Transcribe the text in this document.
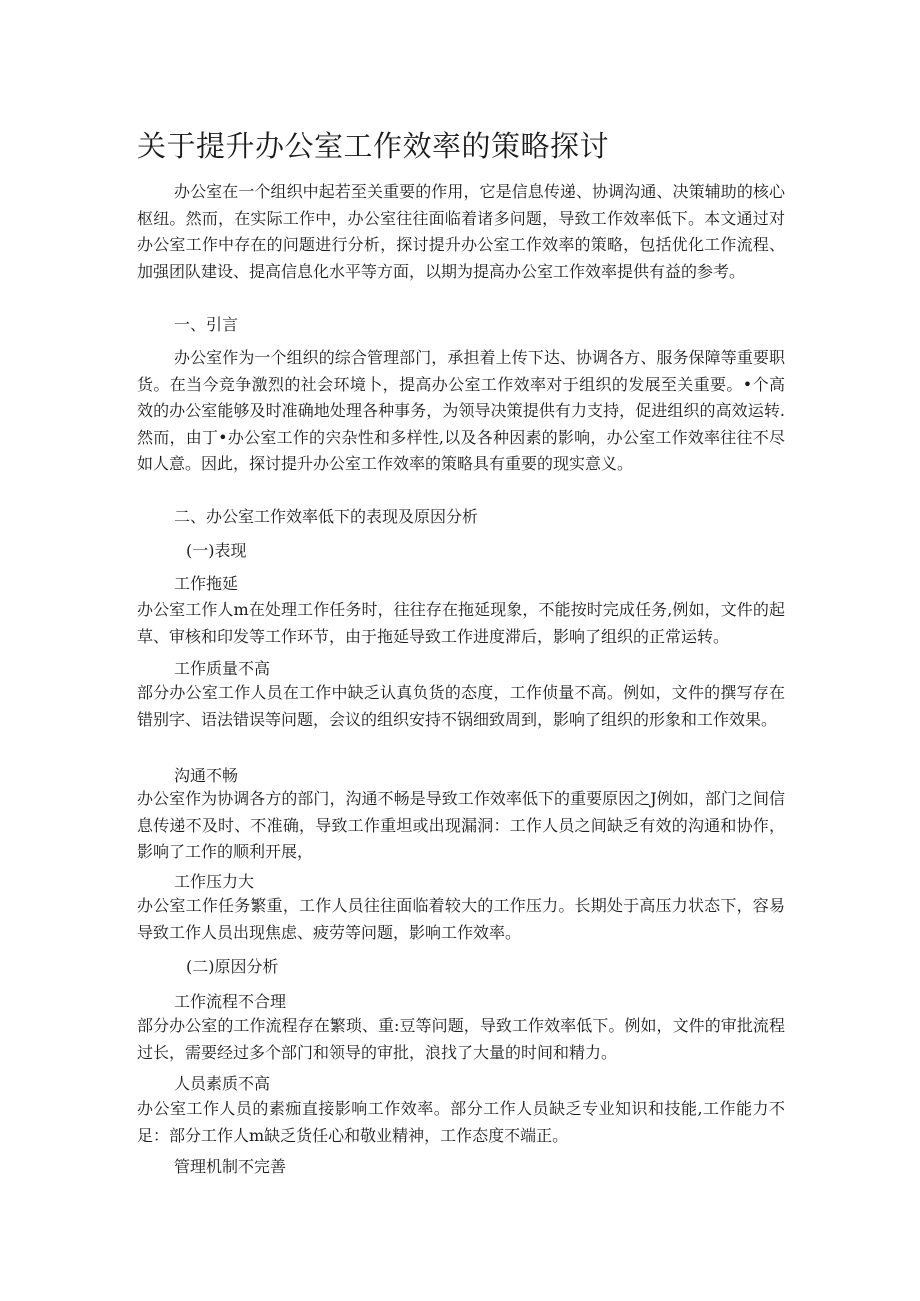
关于提升办公室工作效率的策略探讨

办公室在一个组织中起若至关重要的作用，它是信息传递、协调沟通、决策辅助的核心枢纽。然而，在实际工作中，办公室往往面临着诸多问题，导致工作效率低下。本文通过对办公室工作中存在的问题进行分析，探讨提升办公室工作效率的策略，包括优化工作流程、加强团队建设、提高信息化水平等方面，以期为提高办公室工作效率提供有益的参考。

一、引言

办公室作为一个组织的综合管理部门，承担着上传下达、协调各方、服务保障等重要职货。在当今竞争激烈的社会环境卜，提高办公室工作效率对于组织的发展至关重要。•个高效的办公室能够及时准确地处理各种事务，为领导决策提供有力支持，促进组织的高效运转.然而，由丁•办公室工作的宍杂性和多样性,以及各种因素的影响，办公室工作效率往往不尽如人意。因此，探讨提升办公室工作效率的策略具有重要的现实意义。

二、办公室工作效率低下的表现及原因分析

(一)表现

工作拖延

办公室工作人m在处理工作任务时，往往存在拖延现象，不能按时完成任务,例如，文件的起草、审核和印发等工作环节，由于拖延导致工作进度滞后，影响了组织的正常运转。

工作质量不高

部分办公室工作人员在工作中缺乏认真负货的态度，工作侦量不高。例如，文件的撰写存在错别字、语法错误等问题，会议的组织安持不锅细致周到，影响了组织的形象和工作效果。

沟通不畅

办公室作为协调各方的部门，沟通不畅是导致工作效率低下的重要原因之J例如，部门之间信息传递不及时、不准确，导致工作重坦或出现漏洞：工作人员之间缺乏有效的沟通和协作，影响了工作的顺利开展，

工作压力大

办公室工作任务繁重，工作人员往往面临着较大的工作压力。长期处于高压力状态下，容易导致工作人员出现焦虑、疲劳等问题，影响工作效率。

(二)原因分析

工作流程不合理

部分办公室的工作流程存在繁琐、重:豆等问题，导致工作效率低下。例如，文件的审批流程过长，需要经过多个部门和领导的审批，浪找了大量的时间和精力。

人员素质不高

办公室工作人员的素痂直接影响工作效率。部分工作人员缺乏专业知识和技能,工作能力不足：部分工作人m缺乏货任心和敬业精神，工作态度不端正。

管理机制不完善
